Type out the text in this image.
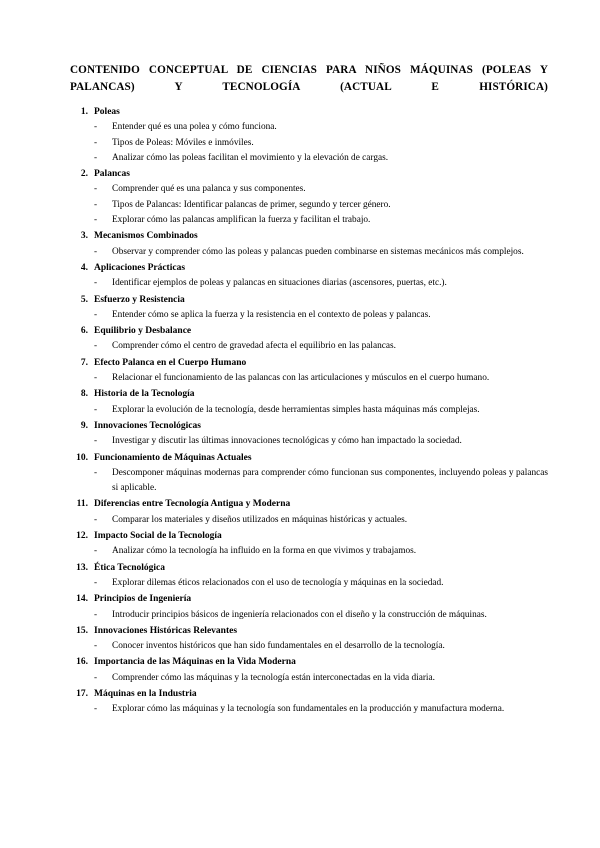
CONTENIDO CONCEPTUAL DE CIENCIAS PARA NIÑOS MÁQUINAS (POLEAS Y PALANCAS) Y TECNOLOGÍA (ACTUAL E HISTÓRICA)

1. Poleas
- Entender qué es una polea y cómo funciona.
- Tipos de Poleas: Móviles e inmóviles.
- Analizar cómo las poleas facilitan el movimiento y la elevación de cargas.
2. Palancas
- Comprender qué es una palanca y sus componentes.
- Tipos de Palancas: Identificar palancas de primer, segundo y tercer género.
- Explorar cómo las palancas amplifican la fuerza y facilitan el trabajo.
3. Mecanismos Combinados
- Observar y comprender cómo las poleas y palancas pueden combinarse en sistemas mecánicos más complejos.
4. Aplicaciones Prácticas
- Identificar ejemplos de poleas y palancas en situaciones diarias (ascensores, puertas, etc.).
5. Esfuerzo y Resistencia
- Entender cómo se aplica la fuerza y la resistencia en el contexto de poleas y palancas.
6. Equilibrio y Desbalance
- Comprender cómo el centro de gravedad afecta el equilibrio en las palancas.
7. Efecto Palanca en el Cuerpo Humano
- Relacionar el funcionamiento de las palancas con las articulaciones y músculos en el cuerpo humano.
8. Historia de la Tecnología
- Explorar la evolución de la tecnología, desde herramientas simples hasta máquinas más complejas.
9. Innovaciones Tecnológicas
- Investigar y discutir las últimas innovaciones tecnológicas y cómo han impactado la sociedad.
10. Funcionamiento de Máquinas Actuales
- Descomponer máquinas modernas para comprender cómo funcionan sus componentes, incluyendo poleas y palancas si aplicable.
11. Diferencias entre Tecnología Antigua y Moderna
- Comparar los materiales y diseños utilizados en máquinas históricas y actuales.
12. Impacto Social de la Tecnología
- Analizar cómo la tecnología ha influido en la forma en que vivimos y trabajamos.
13. Ética Tecnológica
- Explorar dilemas éticos relacionados con el uso de tecnología y máquinas en la sociedad.
14. Principios de Ingeniería
- Introducir principios básicos de ingeniería relacionados con el diseño y la construcción de máquinas.
15. Innovaciones Históricas Relevantes
- Conocer inventos históricos que han sido fundamentales en el desarrollo de la tecnología.
16. Importancia de las Máquinas en la Vida Moderna
- Comprender cómo las máquinas y la tecnología están interconectadas en la vida diaria.
17. Máquinas en la Industria
- Explorar cómo las máquinas y la tecnología son fundamentales en la producción y manufactura moderna.
